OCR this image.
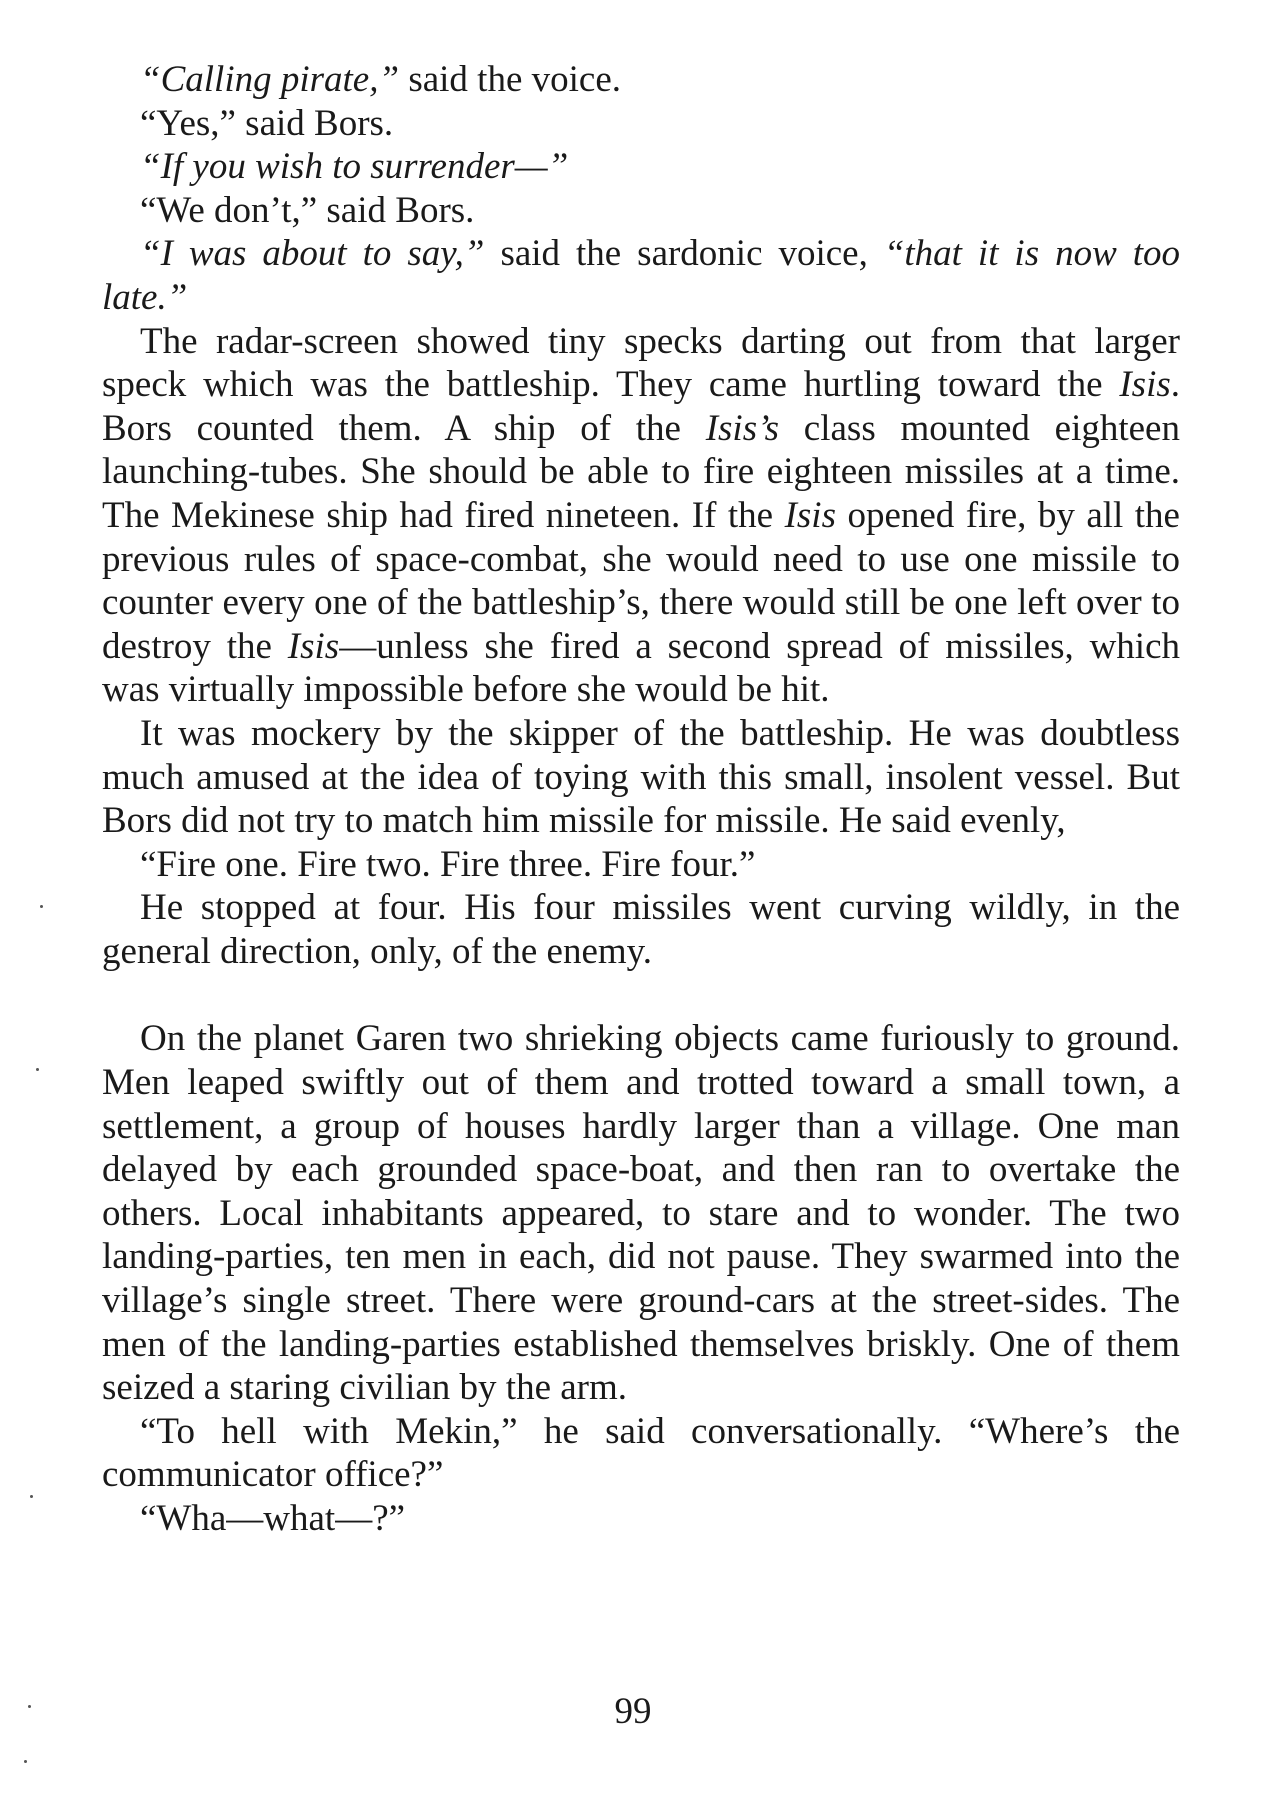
“Calling pirate,” said the voice.

“Yes,” said Bors.

“If you wish to surrender—”

“We don’t,” said Bors.

“I was about to say,” said the sardonic voice, “that it is now too late.”

The radar-screen showed tiny specks darting out from that larger speck which was the battleship. They came hurtling toward the Isis. Bors counted them. A ship of the Isis’s class mounted eighteen launching-tubes. She should be able to fire eighteen missiles at a time. The Mekinese ship had fired nineteen. If the Isis opened fire, by all the previous rules of space-combat, she would need to use one missile to counter every one of the battleship’s, there would still be one left over to destroy the Isis—unless she fired a second spread of missiles, which was virtually impossible before she would be hit.

It was mockery by the skipper of the battleship. He was doubtless much amused at the idea of toying with this small, insolent vessel. But Bors did not try to match him missile for missile. He said evenly,

“Fire one. Fire two. Fire three. Fire four.”

He stopped at four. His four missiles went curving wildly, in the general direction, only, of the enemy.

On the planet Garen two shrieking objects came furiously to ground. Men leaped swiftly out of them and trotted toward a small town, a settlement, a group of houses hardly larger than a village. One man delayed by each grounded space-boat, and then ran to overtake the others. Local inhabitants appeared, to stare and to wonder. The two landing-parties, ten men in each, did not pause. They swarmed into the village’s single street. There were ground-cars at the street-sides. The men of the landing-parties established themselves briskly. One of them seized a staring civilian by the arm.

“To hell with Mekin,” he said conversationally. “Where’s the communicator office?”

“Wha—what—?”

99
